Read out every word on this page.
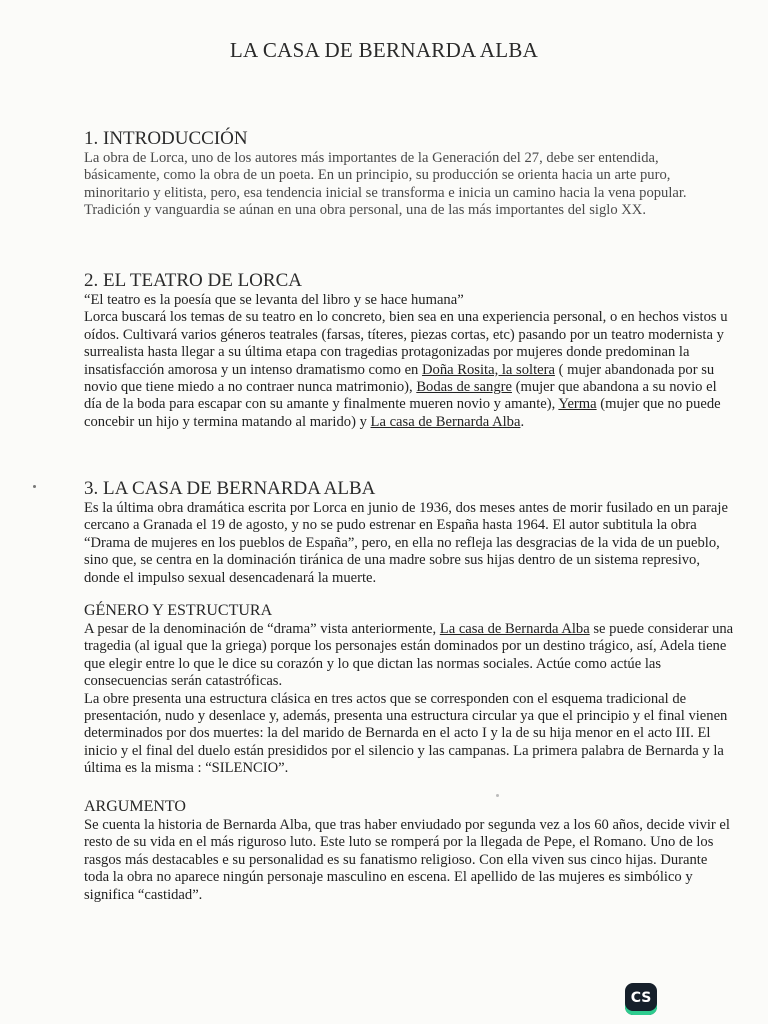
LA CASA DE BERNARDA ALBA

1. INTRODUCCIÓN

La obra de Lorca, uno de los autores más importantes de la Generación del 27, debe ser entendida, básicamente, como la obra de un poeta. En un principio, su producción se orienta hacia un arte puro, minoritario y elitista, pero, esa tendencia inicial se transforma e inicia un camino hacia la vena popular. Tradición y vanguardia se aúnan en una obra personal, una de las más importantes del siglo XX.

2. EL TEATRO DE LORCA

“El teatro es la poesía que se levanta del libro y se hace humana”

Lorca buscará los temas de su teatro en lo concreto, bien sea en una experiencia personal, o en hechos vistos u oídos. Cultivará varios géneros teatrales (farsas, títeres, piezas cortas, etc) pasando por un teatro modernista y surrealista hasta llegar a su última etapa con tragedias protagonizadas por mujeres donde predominan la insatisfacción amorosa y un intenso dramatismo como en Doña Rosita, la soltera ( mujer abandonada por su novio que tiene miedo a no contraer nunca matrimonio), Bodas de sangre (mujer que abandona a su novio el día de la boda para escapar con su amante y finalmente mueren novio y amante), Yerma (mujer que no puede concebir un hijo y termina matando al marido) y La casa de Bernarda Alba.

3. LA CASA DE BERNARDA ALBA

Es la última obra dramática escrita por Lorca en junio de 1936, dos meses antes de morir fusilado en un paraje cercano a Granada el 19 de agosto, y no se pudo estrenar en España hasta 1964. El autor subtitula la obra “Drama de mujeres en los pueblos de España”, pero, en ella no refleja las desgracias de la vida de un pueblo, sino que, se centra en la dominación tiránica de una madre sobre sus hijas dentro de un sistema represivo, donde el impulso sexual desencadenará la muerte.

GÉNERO Y ESTRUCTURA

A pesar de la denominación de “drama” vista anteriormente, La casa de Bernarda Alba se puede considerar una tragedia (al igual que la griega) porque los personajes están dominados por un destino trágico, así, Adela tiene que elegir entre lo que le dice su corazón y lo que dictan las normas sociales. Actúe como actúe las consecuencias serán catastróficas.

La obre presenta una estructura clásica en tres actos que se corresponden con el esquema tradicional de presentación, nudo y desenlace y, además, presenta una estructura circular ya que el principio y el final vienen determinados por dos muertes: la del marido de Bernarda en el acto I y la de su hija menor en el acto III. El inicio y el final del duelo están presididos por el silencio y las campanas. La primera palabra de Bernarda y la última es la misma : “SILENCIO”.

ARGUMENTO

Se cuenta la historia de Bernarda Alba, que tras haber enviudado por segunda vez a los 60 años, decide vivir el resto de su vida en el más riguroso luto. Este luto se romperá por la llegada de Pepe, el Romano. Uno de los rasgos más destacables e su personalidad es su fanatismo religioso. Con ella viven sus cinco hijas. Durante toda la obra no aparece ningún personaje masculino en escena. El apellido de las mujeres es simbólico y significa “castidad”.

CS
